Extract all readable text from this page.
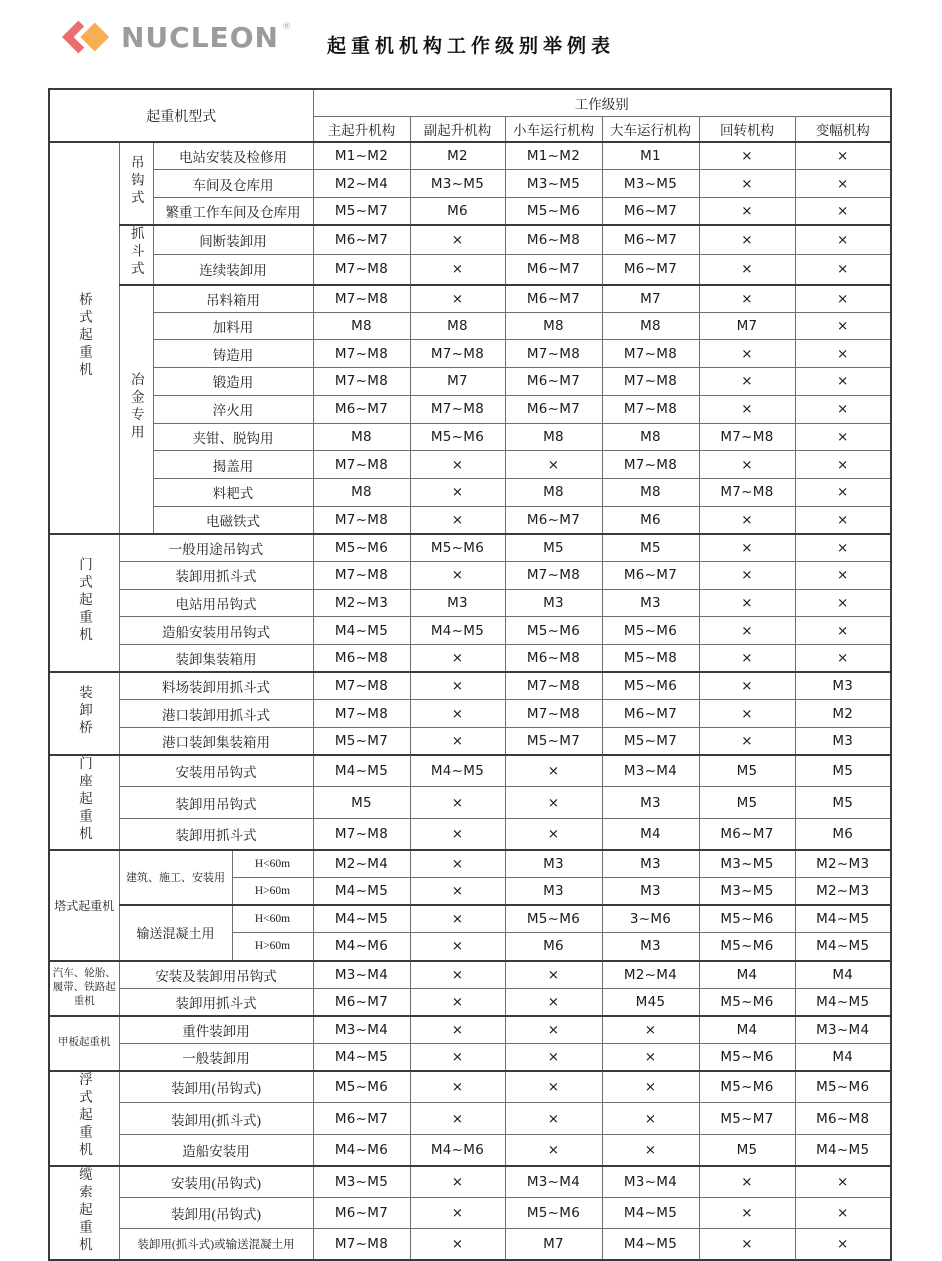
NUCLEON ®
起重机机构工作级别举例表
起重机型式				工作级别					
				主起升机构	副起升机构	小车运行机构	大车运行机构	回转机构	变幅机构
桥式起重机	吊钩式	电站安装及检修用		M1~M2	M2	M1~M2	M1	×	×
		车间及仓库用		M2~M4	M3~M5	M3~M5	M3~M5	×	×
		繁重工作车间及仓库用		M5~M7	M6	M5~M6	M6~M7	×	×
	抓斗式	间断装卸用		M6~M7	×	M6~M8	M6~M7	×	×
		连续装卸用		M7~M8	×	M6~M7	M6~M7	×	×
	冶金专用	吊料箱用		M7~M8	×	M6~M7	M7	×	×
		加料用		M8	M8	M8	M8	M7	×
		铸造用		M7~M8	M7~M8	M7~M8	M7~M8	×	×
		锻造用		M7~M8	M7	M6~M7	M7~M8	×	×
		淬火用		M6~M7	M7~M8	M6~M7	M7~M8	×	×
		夹钳、脱钩用		M8	M5~M6	M8	M8	M7~M8	×
		揭盖用		M7~M8	×	×	M7~M8	×	×
		料耙式		M8	×	M8	M8	M7~M8	×
		电磁铁式		M7~M8	×	M6~M7	M6	×	×
门式起重机	一般用途吊钩式			M5~M6	M5~M6	M5	M5	×	×
	装卸用抓斗式			M7~M8	×	M7~M8	M6~M7	×	×
	电站用吊钩式			M2~M3	M3	M3	M3	×	×
	造船安装用吊钩式			M4~M5	M4~M5	M5~M6	M5~M6	×	×
	装卸集装箱用			M6~M8	×	M6~M8	M5~M8	×	×
装卸桥	料场装卸用抓斗式			M7~M8	×	M7~M8	M5~M6	×	M3
	港口装卸用抓斗式			M7~M8	×	M7~M8	M6~M7	×	M2
	港口装卸集装箱用			M5~M7	×	M5~M7	M5~M7	×	M3
门座起重机	安装用吊钩式			M4~M5	M4~M5	×	M3~M4	M5	M5
	装卸用吊钩式			M5	×	×	M3	M5	M5
	装卸用抓斗式			M7~M8	×	×	M4	M6~M7	M6
塔式起重机	建筑、施工、安装用		H<60m	M2~M4	×	M3	M3	M3~M5	M2~M3
			H>60m	M4~M5	×	M3	M3	M3~M5	M2~M3
	输送混凝土用		H<60m	M4~M5	×	M5~M6	3~M6	M5~M6	M4~M5
			H>60m	M4~M6	×	M6	M3	M5~M6	M4~M5
汽车、轮胎、履带、铁路起重机	安装及装卸用吊钩式			M3~M4	×	×	M2~M4	M4	M4
	装卸用抓斗式			M6~M7	×	×	M45	M5~M6	M4~M5
甲板起重机	重件装卸用			M3~M4	×	×	×	M4	M3~M4
	一般装卸用			M4~M5	×	×	×	M5~M6	M4
浮式起重机	装卸用(吊钩式)			M5~M6	×	×	×	M5~M6	M5~M6
	装卸用(抓斗式)			M6~M7	×	×	×	M5~M7	M6~M8
	造船安装用			M4~M6	M4~M6	×	×	M5	M4~M5
缆索起重机	安装用(吊钩式)			M3~M5	×	M3~M4	M3~M4	×	×
	装卸用(吊钩式)			M6~M7	×	M5~M6	M4~M5	×	×
	装卸用(抓斗式)或输送混凝土用			M7~M8	×	M7	M4~M5	×	×
